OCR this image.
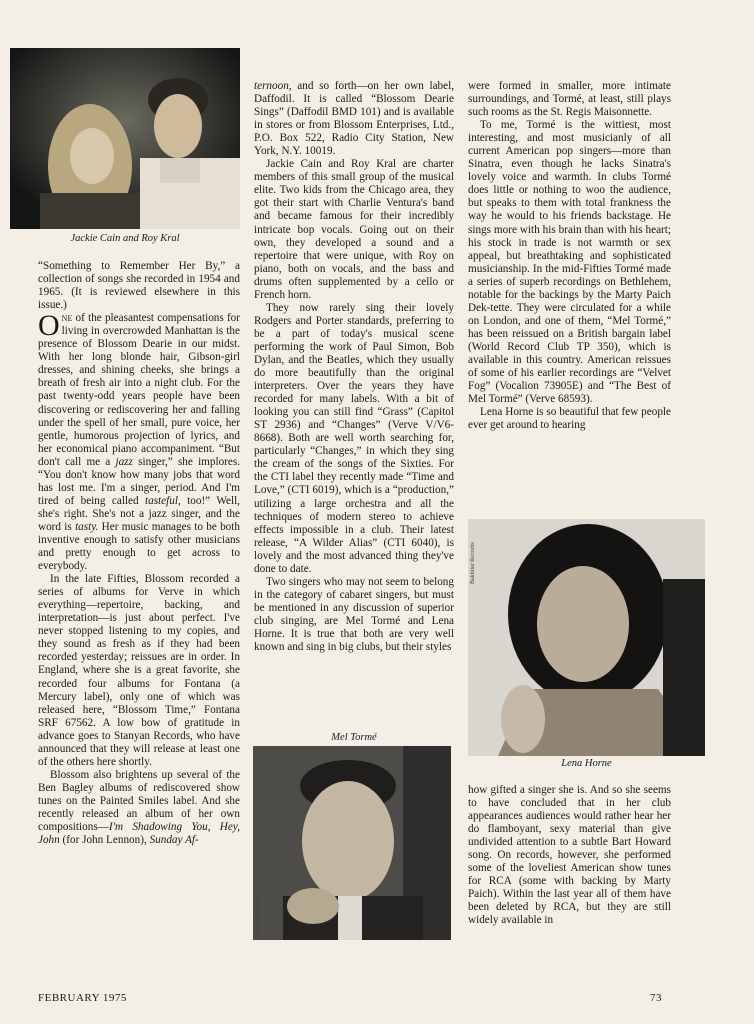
Jackie Cain and Roy Kral

“Something to Remember Her By,” a collection of songs she recorded in 1954 and 1965. (It is reviewed elsewhere in this issue.)

One of the pleasantest compensations for living in overcrowded Manhattan is the presence of Blossom Dearie in our midst. With her long blonde hair, Gibson-girl dresses, and shining cheeks, she brings a breath of fresh air into a night club. For the past twenty-odd years people have been discovering or rediscovering her and falling under the spell of her small, pure voice, her gentle, humorous projection of lyrics, and her economical piano accompaniment. “But don't call me a jazz singer,” she implores. “You don't know how many jobs that word has lost me. I'm a singer, period. And I'm tired of being called tasteful, too!” Well, she's right. She's not a jazz singer, and the word is tasty. Her music manages to be both inventive enough to satisfy other musicians and pretty enough to get across to everybody.

In the late Fifties, Blossom recorded a series of albums for Verve in which everything—repertoire, backing, and interpretation—is just about perfect. I've never stopped listening to my copies, and they sound as fresh as if they had been recorded yesterday; reissues are in order. In England, where she is a great favorite, she recorded four albums for Fontana (a Mercury label), only one of which was released here, “Blossom Time,” Fontana SRF 67562. A low bow of gratitude in advance goes to Stanyan Records, who have announced that they will release at least one of the others here shortly.

Blossom also brightens up several of the Ben Bagley albums of rediscovered show tunes on the Painted Smiles label. And she recently released an album of her own compositions—I'm Shadowing You, Hey, John (for John Lennon), Sunday Af-

ternoon, and so forth—on her own label, Daffodil. It is called “Blossom Dearie Sings” (Daffodil BMD 101) and is available in stores or from Blossom Enterprises, Ltd., P.O. Box 522, Radio City Station, New York, N.Y. 10019.

Jackie Cain and Roy Kral are charter members of this small group of the musical elite. Two kids from the Chicago area, they got their start with Charlie Ventura's band and became famous for their incredibly intricate bop vocals. Going out on their own, they developed a sound and a repertoire that were unique, with Roy on piano, both on vocals, and the bass and drums often supplemented by a cello or French horn.

They now rarely sing their lovely Rodgers and Porter standards, preferring to be a part of today's musical scene performing the work of Paul Simon, Bob Dylan, and the Beatles, which they usually do more beautifully than the original interpreters. Over the years they have recorded for many labels. With a bit of looking you can still find “Grass” (Capitol ST 2936) and “Changes” (Verve V/V6-8668). Both are well worth searching for, particularly “Changes,” in which they sing the cream of the songs of the Sixties. For the CTI label they recently made “Time and Love,” (CTI 6019), which is a “production,” utilizing a large orchestra and all the techniques of modern stereo to achieve effects impossible in a club. Their latest release, “A Wilder Alias” (CTI 6040), is lovely and the most advanced thing they've done to date.

Two singers who may not seem to belong in the category of cabaret singers, but must be mentioned in any discussion of superior club singing, are Mel Tormé and Lena Horne. It is true that both are very well known and sing in big clubs, but their styles

Mel Tormé
Columbia Records

were formed in smaller, more intimate surroundings, and Tormé, at least, still plays such rooms as the St. Regis Maisonnette.

To me, Tormé is the wittiest, most interesting, and most musicianly of all current American pop singers—more than Sinatra, even though he lacks Sinatra's lovely voice and warmth. In clubs Tormé does little or nothing to woo the audience, but speaks to them with total frankness the way he would to his friends backstage. He sings more with his brain than with his heart; his stock in trade is not warmth or sex appeal, but breathtaking and sophisticated musicianship. In the mid-Fifties Tormé made a series of superb recordings on Bethlehem, notable for the backings by the Marty Paich Dek-tette. They were circulated for a while on London, and one of them, “Mel Tormé,” has been reissued on a British bargain label (World Record Club TP 350), which is available in this country. American reissues of some of his earlier recordings are “Velvet Fog” (Vocalion 73905E) and “The Best of Mel Tormé” (Verve 68593).

Lena Horne is so beautiful that few people ever get around to hearing

Bakhtiar Records
Lena Horne

how gifted a singer she is. And so she seems to have concluded that in her club appearances audiences would rather hear her do flamboyant, sexy material than give undivided attention to a subtle Bart Howard song. On records, however, she performed some of the loveliest American show tunes for RCA (some with backing by Marty Paich). Within the last year all of them have been deleted by RCA, but they are still widely available in

FEBRUARY 1975	73
